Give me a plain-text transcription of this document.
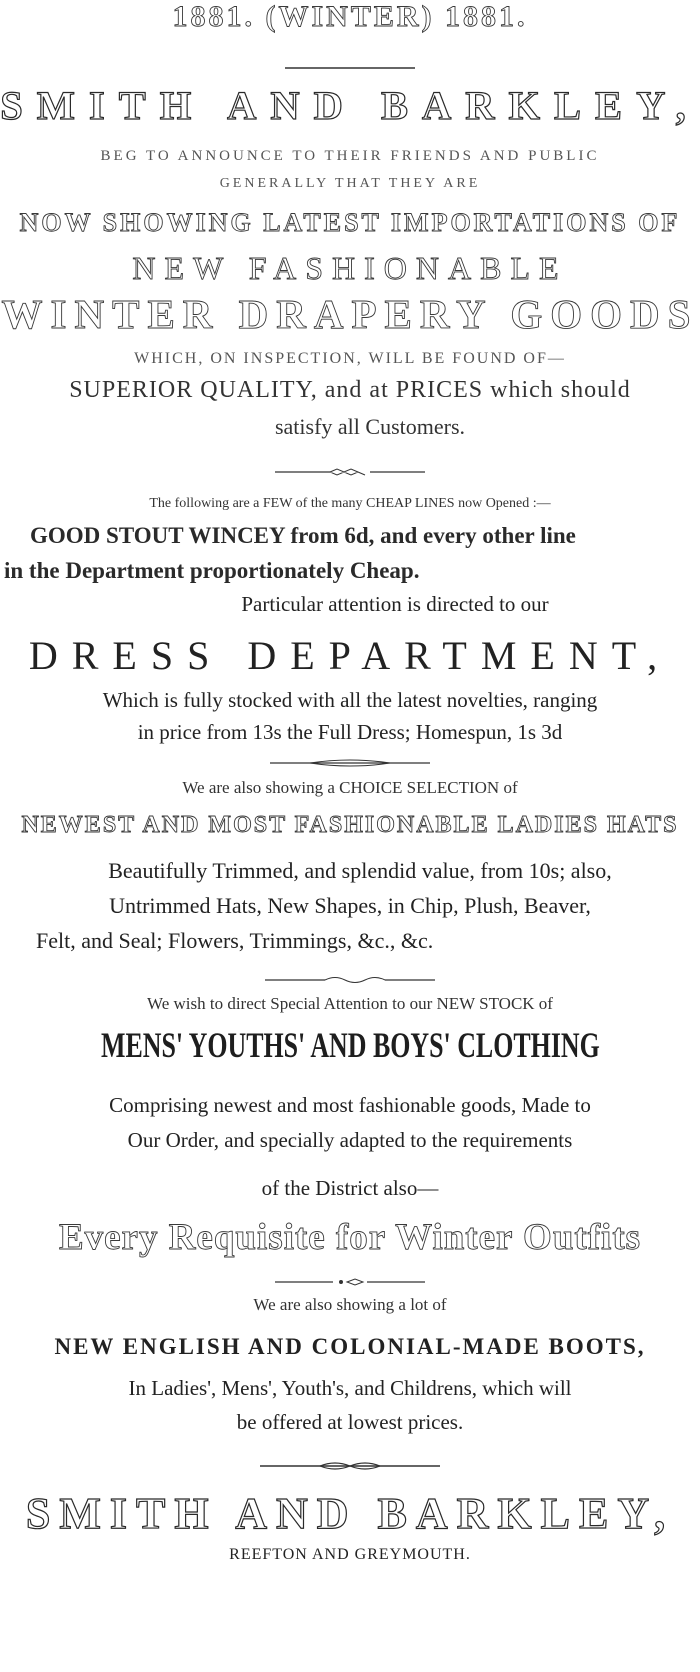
1881. (WINTER) 1881.

SMITH AND BARKLEY,

BEG TO ANNOUNCE TO THEIR FRIENDS AND PUBLIC

GENERALLY THAT THEY ARE

NOW SHOWING LATEST IMPORTATIONS OF

NEW FASHIONABLE

WINTER DRAPERY GOODS

WHICH, ON INSPECTION, WILL BE FOUND OF—

SUPERIOR QUALITY, and at PRICES which should

satisfy all Customers.

The following are a FEW of the many CHEAP LINES now Opened :—

GOOD STOUT WINCEY from 6d, and every other line

in the Department proportionately Cheap.

Particular attention is directed to our

DRESS DEPARTMENT,

Which is fully stocked with all the latest novelties, ranging

in price from 13s the Full Dress; Homespun, 1s 3d

We are also showing a CHOICE SELECTION of

NEWEST AND MOST FASHIONABLE LADIES HATS

Beautifully Trimmed, and splendid value, from 10s; also,

Untrimmed Hats, New Shapes, in Chip, Plush, Beaver,

Felt, and Seal; Flowers, Trimmings, &c., &c.

We wish to direct Special Attention to our NEW STOCK of

MENS' YOUTHS' AND BOYS' CLOTHING

Comprising newest and most fashionable goods, Made to

Our Order, and specially adapted to the requirements

of the District also—

Every Requisite for Winter Outfits

We are also showing a lot of

NEW ENGLISH AND COLONIAL-MADE BOOTS,

In Ladies', Mens', Youth's, and Childrens, which will

be offered at lowest prices.

SMITH AND BARKLEY,

REEFTON AND GREYMOUTH.
